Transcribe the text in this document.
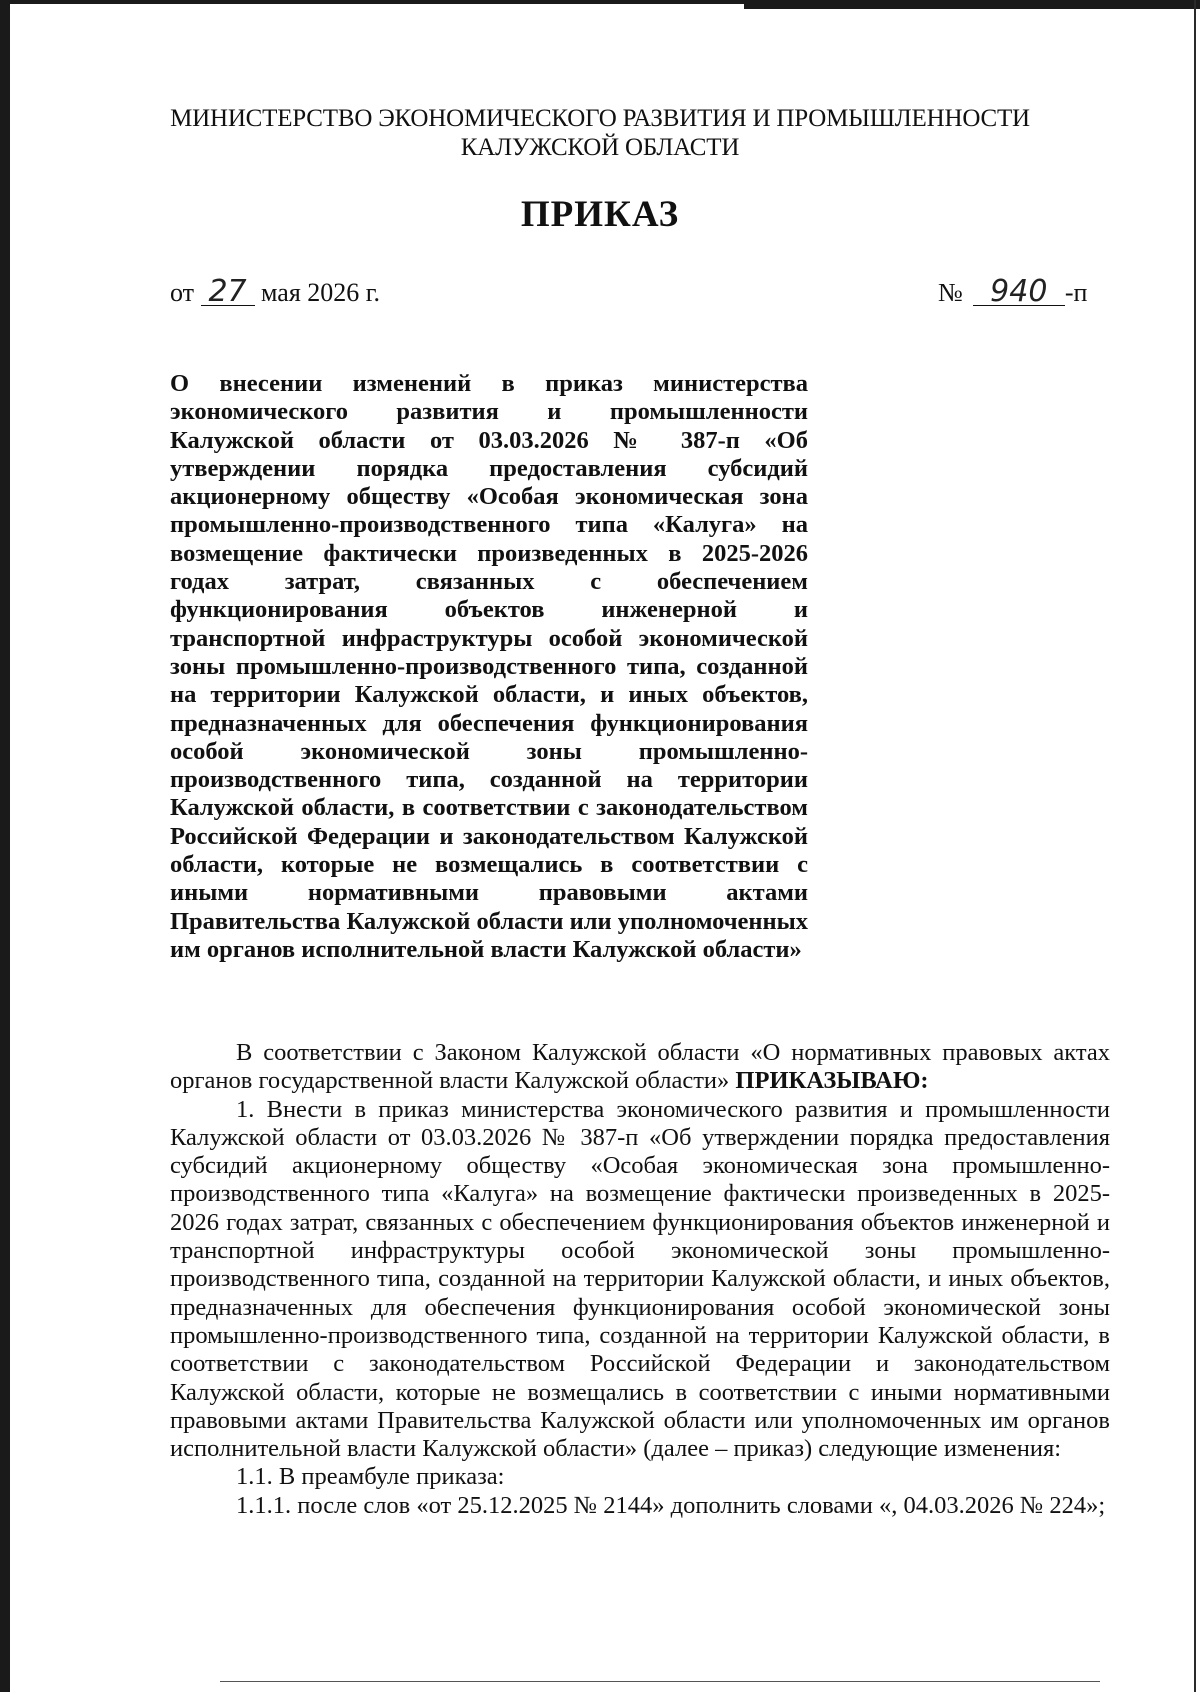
МИНИСТЕРСТВО ЭКОНОМИЧЕСКОГО РАЗВИТИЯ И ПРОМЫШЛЕННОСТИ
КАЛУЖСКОЙ ОБЛАСТИ
ПРИКАЗ
от 27 мая 2026 г.	№ 940 -п
О внесении изменений в приказ министерства экономического развития и промышленности Калужской области от 03.03.2026 № 387-п «Об утверждении порядка предоставления субсидий акционерному обществу «Особая экономическая зона промышленно-производственного типа «Калуга» на возмещение фактически произведенных в 2025-2026 годах затрат, связанных с обеспечением функционирования объектов инженерной и транспортной инфраструктуры особой экономической зоны промышленно-производственного типа, созданной на территории Калужской области, и иных объектов, предназначенных для обеспечения функционирования особой экономической зоны промышленно-производственного типа, созданной на территории Калужской области, в соответствии с законодательством Российской Федерации и законодательством Калужской области, которые не возмещались в соответствии с иными нормативными правовыми актами Правительства Калужской области или уполномоченных им органов исполнительной власти Калужской области»

В соответствии с Законом Калужской области «О нормативных правовых актах органов государственной власти Калужской области» ПРИКАЗЫВАЮ:

1. Внести в приказ министерства экономического развития и промышленности Калужской области от 03.03.2026 № 387-п «Об утверждении порядка предоставления субсидий акционерному обществу «Особая экономическая зона промышленно-производственного типа «Калуга» на возмещение фактически произведенных в 2025-2026 годах затрат, связанных с обеспечением функционирования объектов инженерной и транспортной инфраструктуры особой экономической зоны промышленно-производственного типа, созданной на территории Калужской области, и иных объектов, предназначенных для обеспечения функционирования особой экономической зоны промышленно-производственного типа, созданной на территории Калужской области, в соответствии с законодательством Российской Федерации и законодательством Калужской области, которые не возмещались в соответствии с иными нормативными правовыми актами Правительства Калужской области или уполномоченных им органов исполнительной власти Калужской области» (далее – приказ) следующие изменения:

1.1. В преамбуле приказа:

1.1.1. после слов «от 25.12.2025 № 2144» дополнить словами «, 04.03.2026 № 224»;
